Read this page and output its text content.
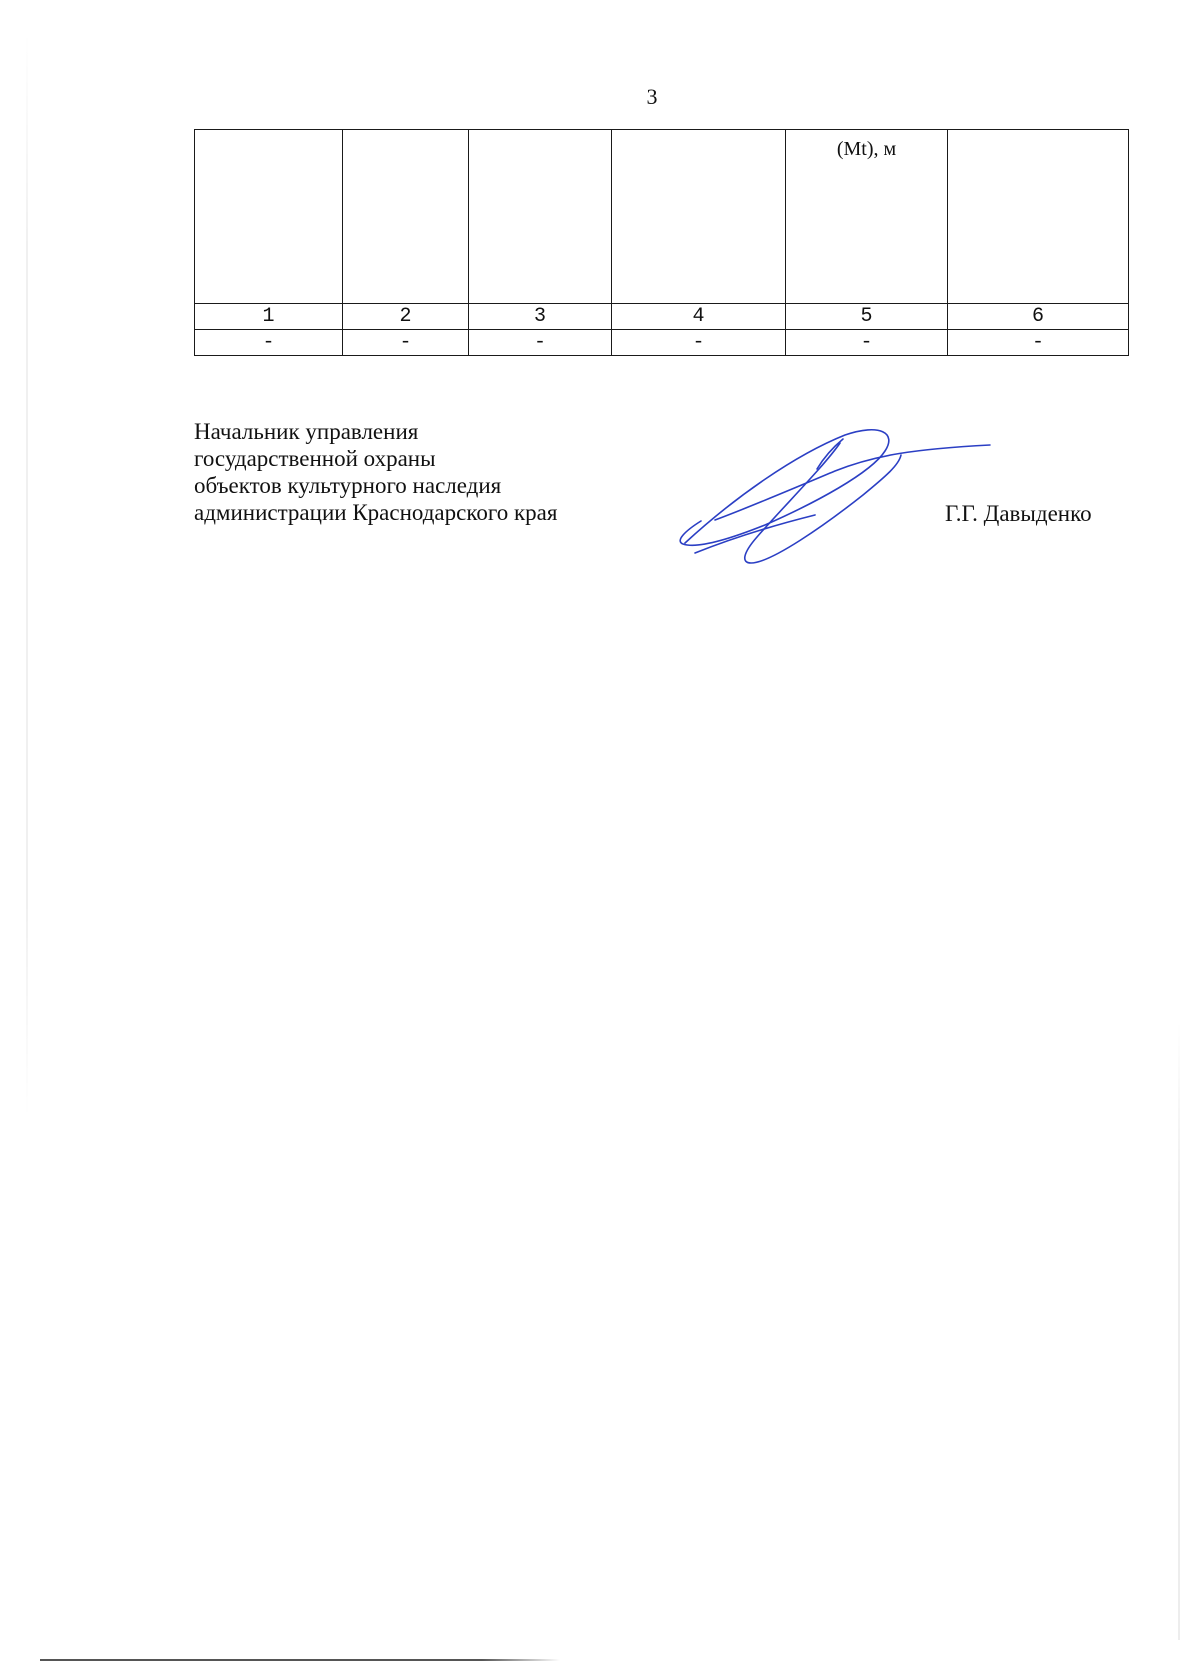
3

				(Mt), м	

1	2	3	4	5	6
-	-	-	-	-	-
Начальник управления
государственной охраны
объектов культурного наследия
администрации Краснодарского края	Г.Г. Давыденко
